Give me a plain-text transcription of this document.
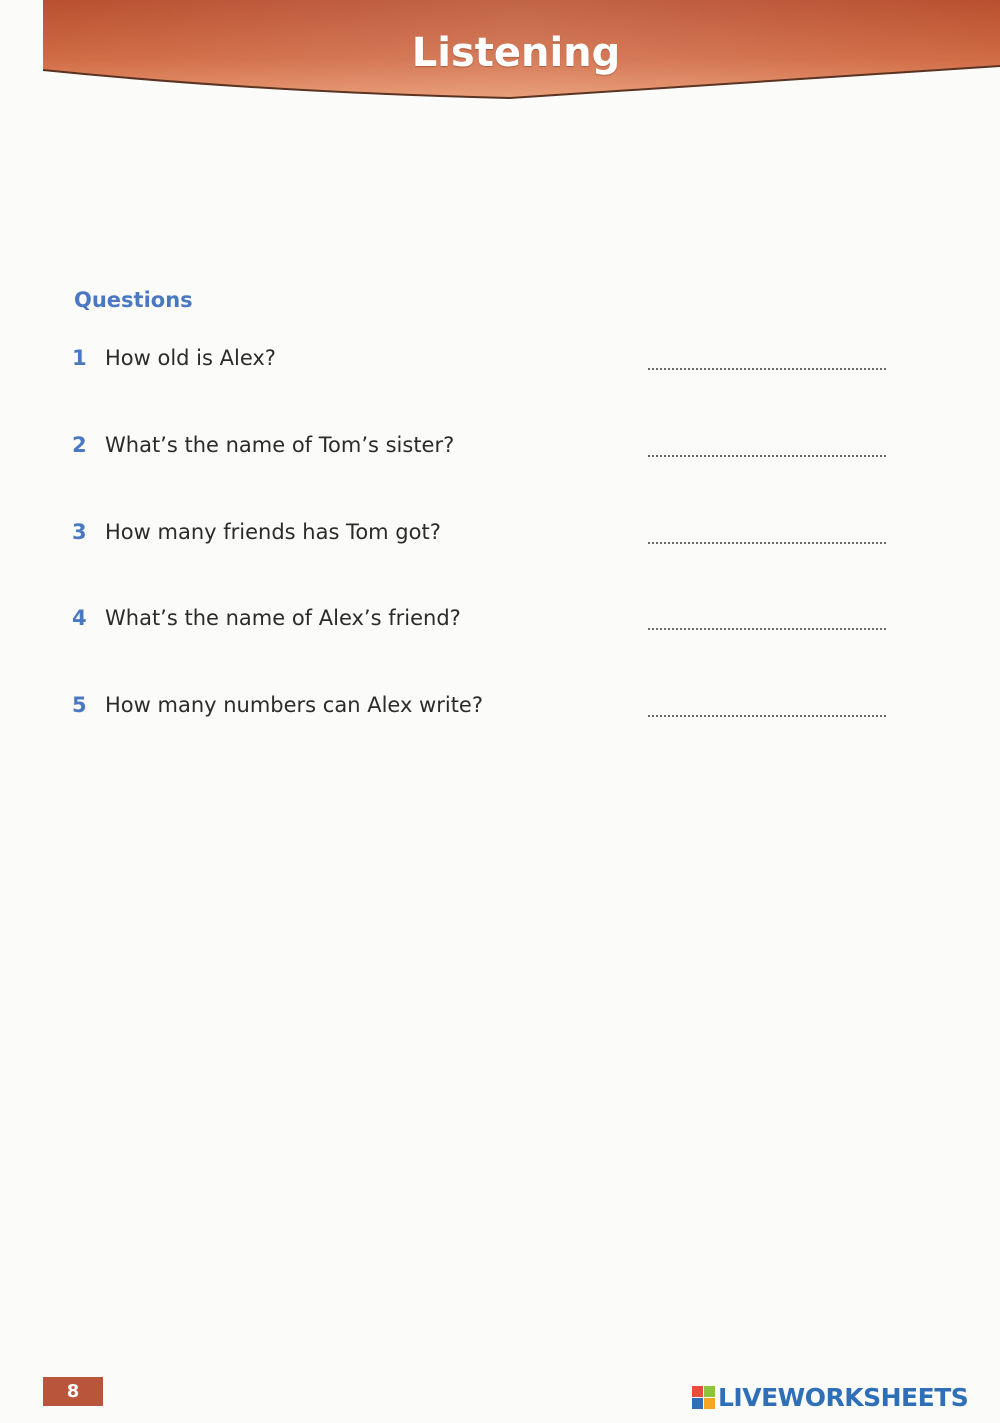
Listening
Questions
1 How old is Alex?
2 What’s the name of Tom’s sister?
3 How many friends has Tom got?
4 What’s the name of Alex’s friend?
5 How many numbers can Alex write?
8	LIVEWORKSHEETS
